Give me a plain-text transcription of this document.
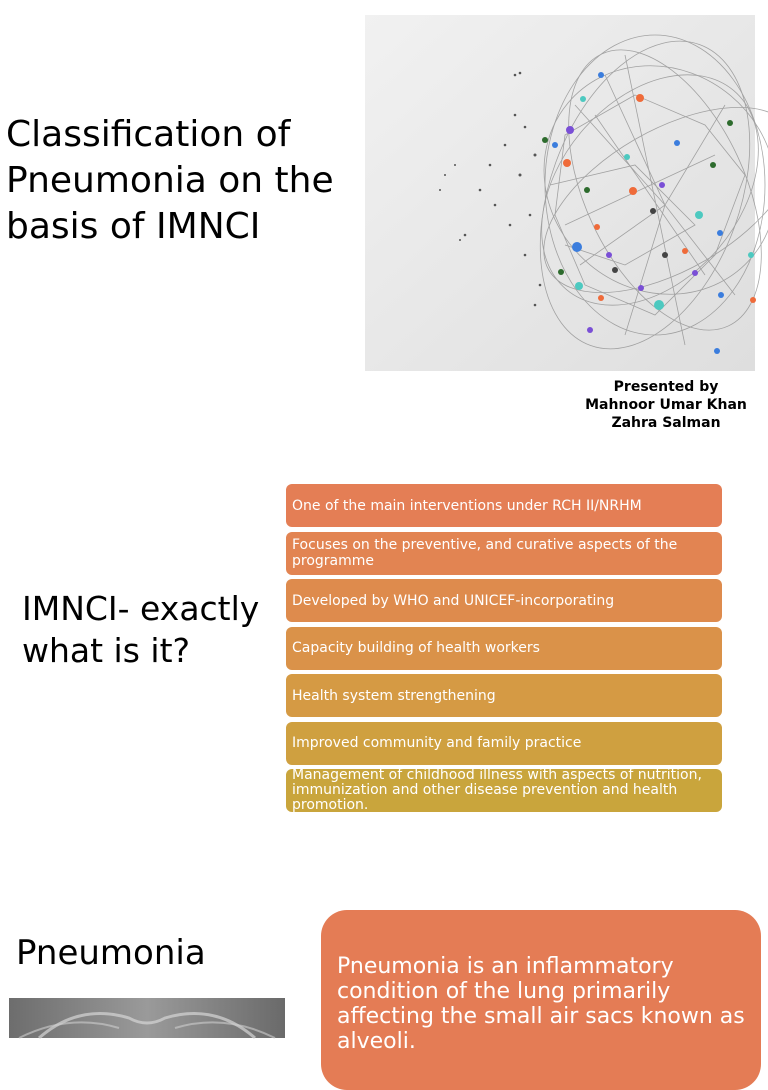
Classification of Pneumonia on the basis of IMNCI
Presented by
Mahnoor Umar Khan
Zahra Salman
IMNCI- exactly what is it?
One of the main interventions under RCH II/NRHM
Focuses on the preventive, and curative aspects of the programme
Developed by WHO and UNICEF-incorporating
Capacity building of health workers
Health system strengthening
Improved community and family practice
Management of childhood illness with aspects of nutrition, immunization and other disease prevention and health promotion.
Pneumonia	Pneumonia is an inflammatory condition of the lung primarily affecting the small air sacs known as alveoli.
